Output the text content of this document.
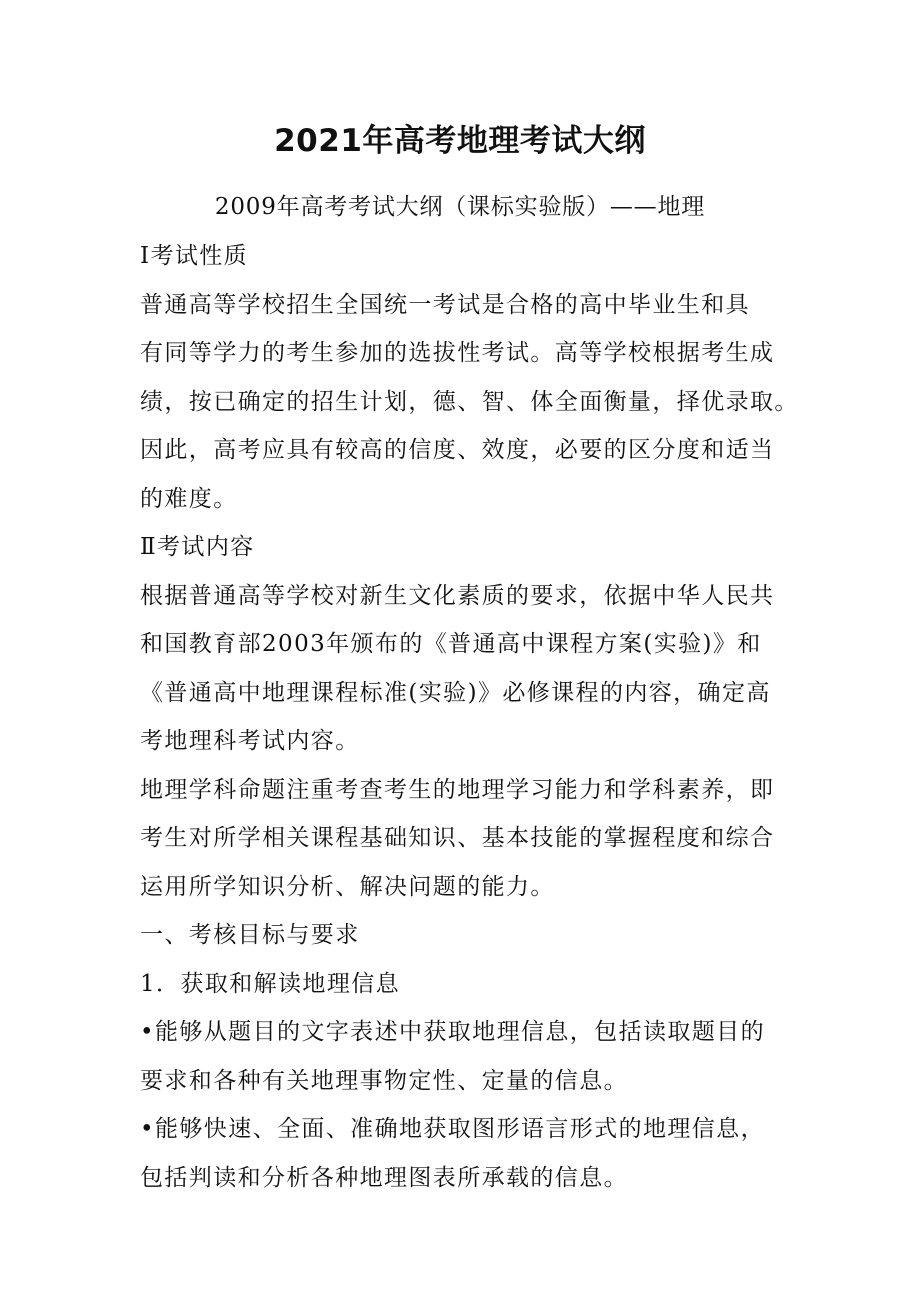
2021年高考地理考试大纲
2009年高考考试大纲（课标实验版）——地理
Ⅰ考试性质
普通高等学校招生全国统一考试是合格的高中毕业生和具
有同等学力的考生参加的选拔性考试。高等学校根据考生成
绩，按已确定的招生计划，德、智、体全面衡量，择优录取。
因此，高考应具有较高的信度、效度，必要的区分度和适当
的难度。
Ⅱ考试内容
根据普通高等学校对新生文化素质的要求，依据中华人民共
和国教育部2003年颁布的《普通高中课程方案(实验)》和
《普通高中地理课程标准(实验)》必修课程的内容，确定高
考地理科考试内容。
地理学科命题注重考查考生的地理学习能力和学科素养，即
考生对所学相关课程基础知识、基本技能的掌握程度和综合
运用所学知识分析、解决问题的能力。
一、考核目标与要求
1．获取和解读地理信息
•能够从题目的文字表述中获取地理信息，包括读取题目的
要求和各种有关地理事物定性、定量的信息。
•能够快速、全面、准确地获取图形语言形式的地理信息，
包括判读和分析各种地理图表所承载的信息。
